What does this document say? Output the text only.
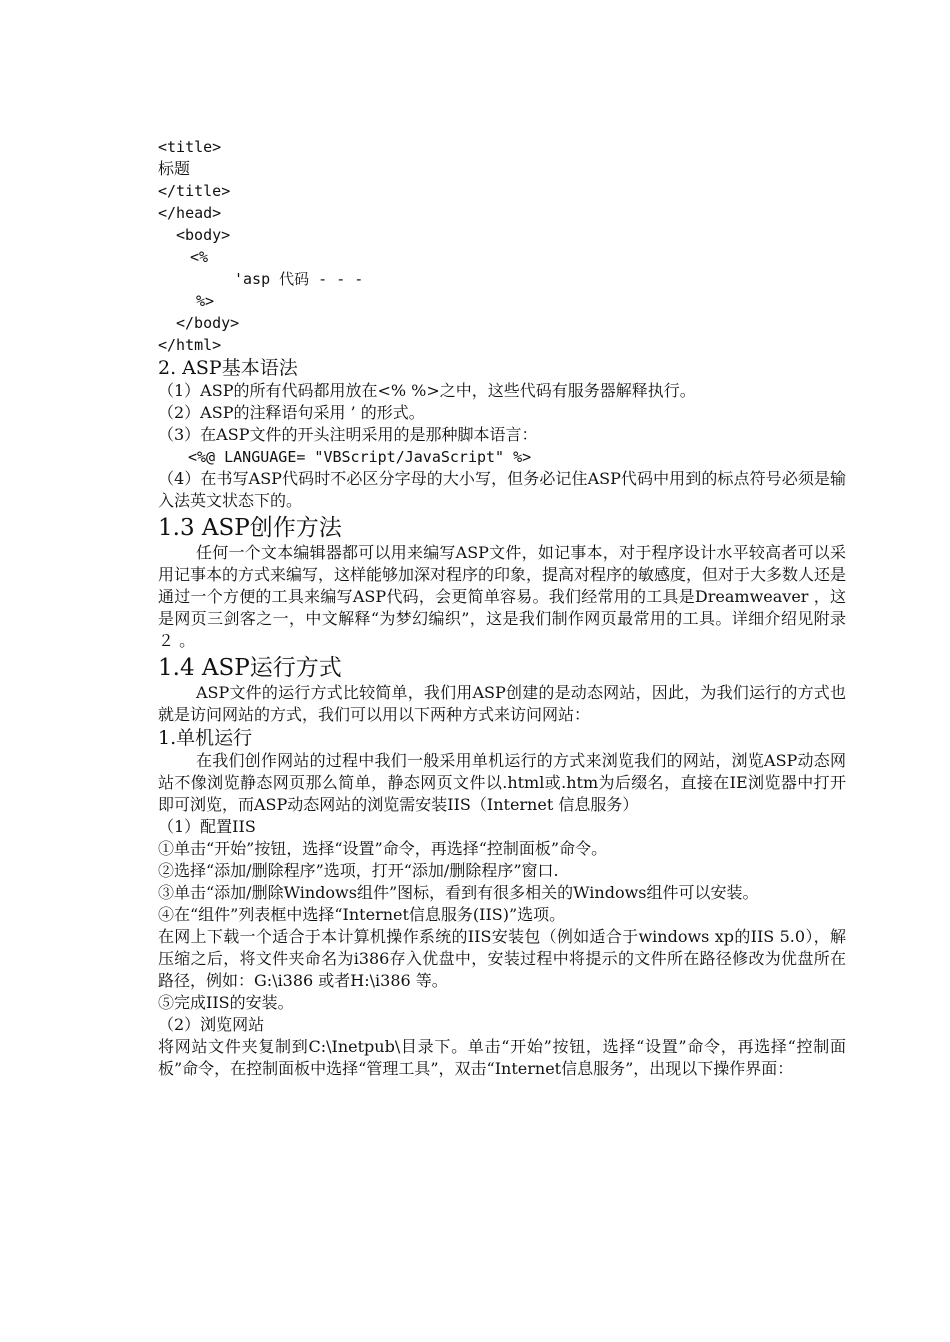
<title>
标题
</title>
</head>
<body>
<%
'asp 代码 - - -
%>
</body>
</html>
2. ASP基本语法
（1）ASP的所有代码都用放在<% %>之中，这些代码有服务器解释执行。
（2）ASP的注释语句采用 ’ 的形式。
（3）在ASP文件的开头注明采用的是那种脚本语言：
<%@ LANGUAGE= "VBScript/JavaScript" %>
（4）在书写ASP代码时不必区分字母的大小写，但务必记住ASP代码中用到的标点符号必须是输入法英文状态下的。
1.3 ASP创作方法
任何一个文本编辑器都可以用来编写ASP文件，如记事本，对于程序设计水平较高者可以采用记事本的方式来编写，这样能够加深对程序的印象，提高对程序的敏感度，但对于大多数人还是通过一个方便的工具来编写ASP代码，会更简单容易。我们经常用的工具是Dreamweaver ，这是网页三剑客之一，中文解释“为梦幻编织”，这是我们制作网页最常用的工具。详细介绍见附录２ 。
1.4 ASP运行方式
ASP文件的运行方式比较简单，我们用ASP创建的是动态网站，因此，为我们运行的方式也就是访问网站的方式，我们可以用以下两种方式来访问网站：
1.单机运行
在我们创作网站的过程中我们一般采用单机运行的方式来浏览我们的网站，浏览ASP动态网站不像浏览静态网页那么简单，静态网页文件以.html或.htm为后缀名，直接在IE浏览器中打开即可浏览，而ASP动态网站的浏览需安装IIS（Internet 信息服务）
（1）配置IIS
①单击“开始”按钮，选择“设置”命令，再选择“控制面板”命令。
②选择“添加/删除程序”选项，打开“添加/删除程序”窗口.
③单击“添加/删除Windows组件”图标，看到有很多相关的Windows组件可以安装。
④在“组件”列表框中选择“Internet信息服务(IIS)”选项。
在网上下载一个适合于本计算机操作系统的IIS安装包（例如适合于windows xp的IIS 5.0），解压缩之后，将文件夹命名为i386存入优盘中，安装过程中将提示的文件所在路径修改为优盘所在路径，例如：G:\i386 或者H:\i386 等。
⑤完成IIS的安装。
（2）浏览网站
将网站文件夹复制到C:\Inetpub\目录下。单击“开始”按钮，选择“设置”命令，再选择“控制面板”命令，在控制面板中选择“管理工具”，双击“Internet信息服务”，出现以下操作界面：
